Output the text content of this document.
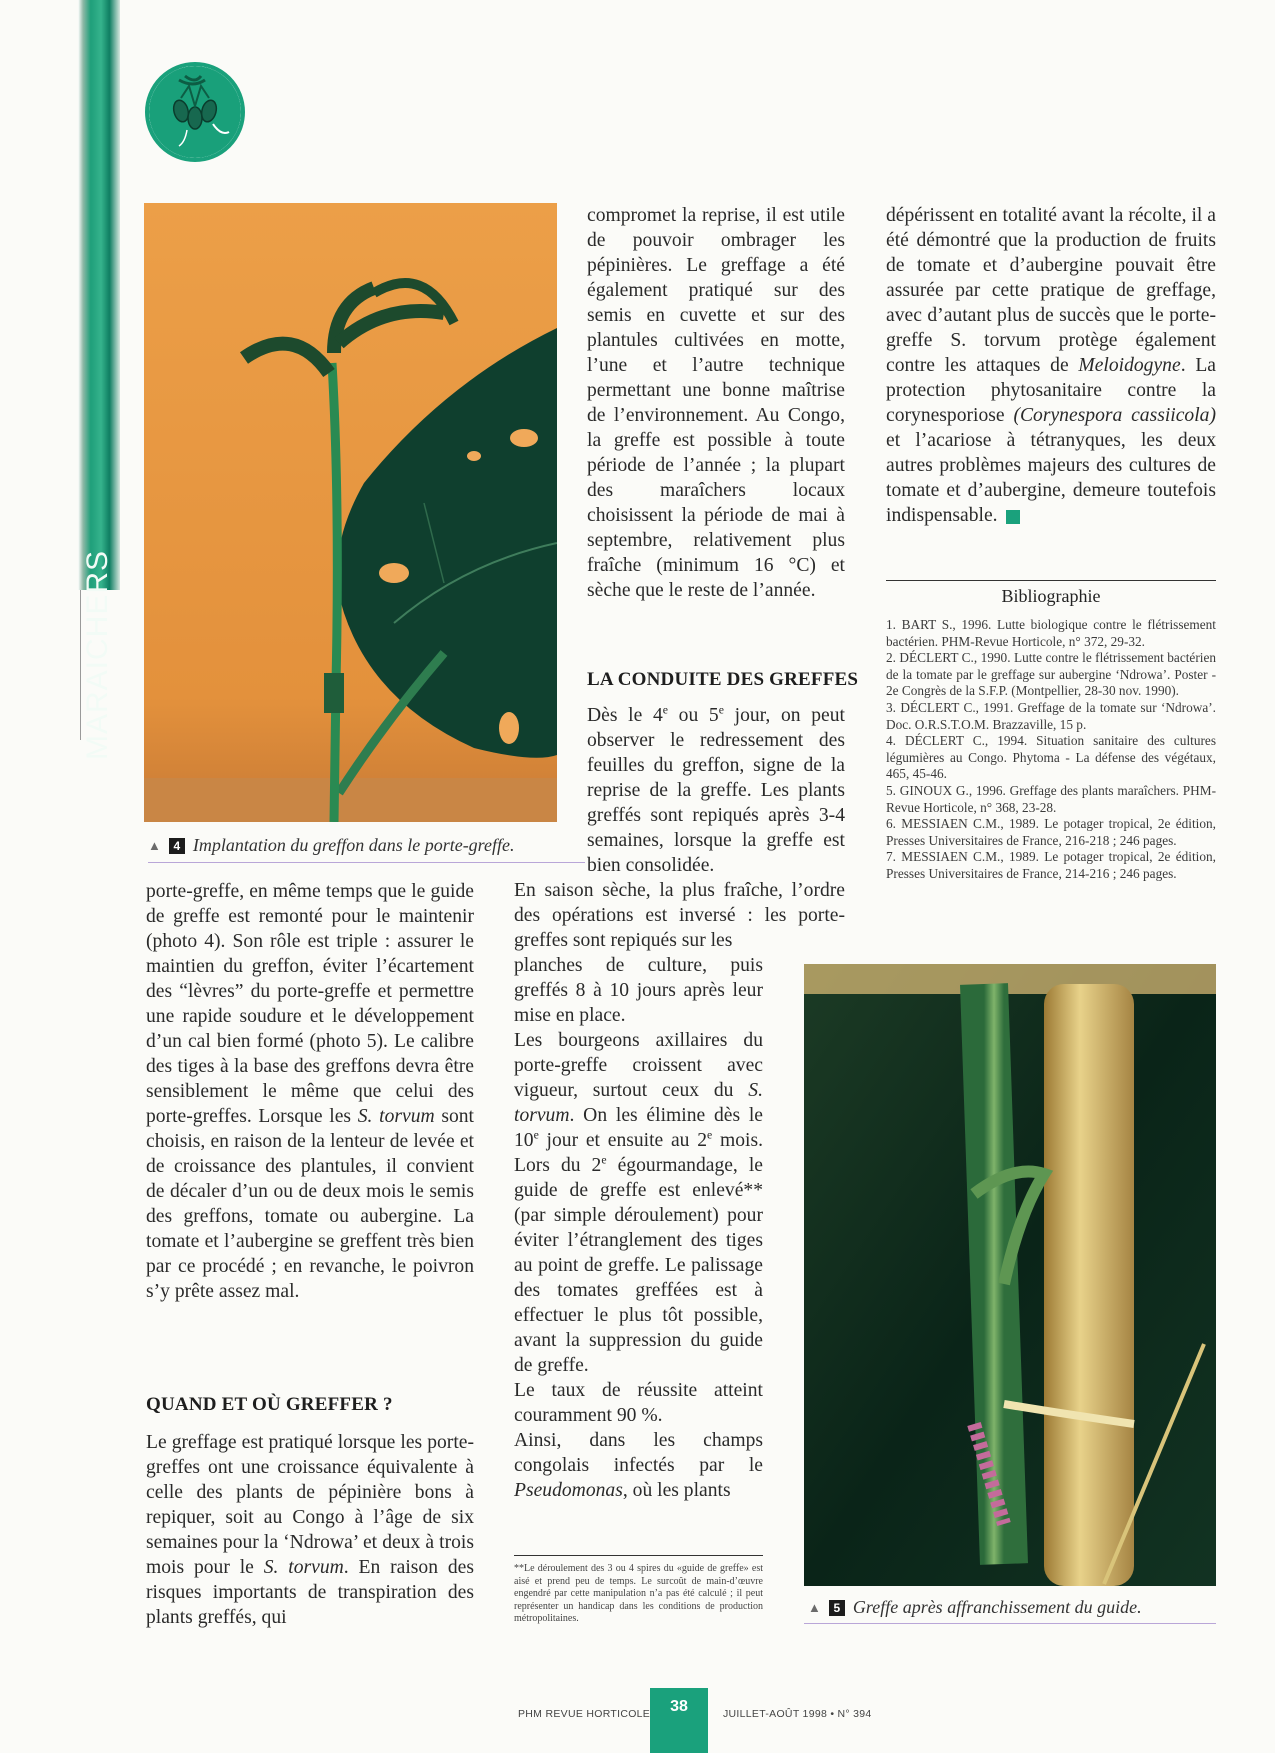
MARAICHERS
▲	4 Implantation du greffon dans le porte-greffe.

porte-greffe, en même temps que le guide de greffe est remonté pour le maintenir (photo 4). Son rôle est triple : assurer le maintien du greffon, éviter l’écartement des “lèvres” du porte-greffe et permettre une rapide soudure et le développement d’un cal bien formé (photo 5). Le calibre des tiges à la base des greffons devra être sensiblement le même que celui des porte-greffes. Lorsque les S. torvum sont choisis, en raison de la lenteur de levée et de croissance des plantules, il convient de décaler d’un ou de deux mois le semis des greffons, tomate ou aubergine. La tomate et l’aubergine se greffent très bien par ce procédé ; en revanche, le poivron s’y prête assez mal.

QUAND ET OÙ GREFFER ?

Le greffage est pratiqué lorsque les porte-greffes ont une croissance équivalente à celle des plants de pépinière bons à repiquer, soit au Congo à l’âge de six semaines pour la ‘Ndrowa’ et deux à trois mois pour le S. torvum. En raison des risques importants de transpiration des plants greffés, qui

compromet la reprise, il est utile de pouvoir ombrager les pépinières. Le greffage a été également pratiqué sur des semis en cuvette et sur des plantules cultivées en motte, l’une et l’autre technique permettant une bonne maîtrise de l’environnement. Au Congo, la greffe est possible à toute période de l’année ; la plupart des maraîchers locaux choisissent la période de mai à septembre, relativement plus fraîche (minimum 16 °C) et sèche que le reste de l’année.

LA CONDUITE DES GREFFES

Dès le 4e ou 5e jour, on peut observer le redressement des feuilles du greffon, signe de la reprise de la greffe. Les plants greffés sont repiqués après 3-4 semaines, lorsque la greffe est bien consolidée.

En saison sèche, la plus fraîche, l’ordre des opérations est inversé : les porte-greffes sont repiqués sur les

planches de culture, puis greffés 8 à 10 jours après leur mise en place.

Les bourgeons axillaires du porte-greffe croissent avec vigueur, surtout ceux du S. torvum. On les élimine dès le 10e jour et ensuite au 2e mois. Lors du 2e égourmandage, le guide de greffe est enlevé** (par simple déroulement) pour éviter l’étranglement des tiges au point de greffe. Le palissage des tomates greffées est à effectuer le plus tôt possible, avant la suppression du guide de greffe.

Le taux de réussite atteint couramment 90 %.

Ainsi, dans les champs congolais infectés par le Pseudomonas, où les plants

**Le déroulement des 3 ou 4 spires du «guide de greffe» est aisé et prend peu de temps. Le surcoût de main-d’œuvre engendré par cette manipulation n’a pas été calculé ; il peut représenter un handicap dans les conditions de production métropolitaines.

dépérissent en totalité avant la récolte, il a été démontré que la production de fruits de tomate et d’aubergine pouvait être assurée par cette pratique de greffage, avec d’autant plus de succès que le porte-greffe S. torvum protège également contre les attaques de Meloidogyne. La protection phytosanitaire contre la corynesporiose (Corynespora cassiicola) et l’acariose à tétranyques, les deux autres problèmes majeurs des cultures de tomate et d’aubergine, demeure toutefois indispensable.

Bibliographie
1. BART S., 1996. Lutte biologique contre le flétrissement bactérien. PHM-Revue Horticole, n° 372, 29-32.
2. DÉCLERT C., 1990. Lutte contre le flétrissement bactérien de la tomate par le greffage sur aubergine ‘Ndrowa’. Poster - 2e Congrès de la S.F.P. (Montpellier, 28-30 nov. 1990).
3. DÉCLERT C., 1991. Greffage de la tomate sur ‘Ndrowa’. Doc. O.R.S.T.O.M. Brazzaville, 15 p.
4. DÉCLERT C., 1994. Situation sanitaire des cultures légumières au Congo. Phytoma - La défense des végétaux, 465, 45-46.
5. GINOUX G., 1996. Greffage des plants maraîchers. PHM-Revue Horticole, n° 368, 23-28.
6. MESSIAEN C.M., 1989. Le potager tropical, 2e édition, Presses Universitaires de France, 216-218 ; 246 pages.
7. MESSIAEN C.M., 1989. Le potager tropical, 2e édition, Presses Universitaires de France, 214-216 ; 246 pages.
▲	5 Greffe après affranchissement du guide.
PHM REVUE HORTICOLE	38	JUILLET-AOÛT 1998 • N° 394
